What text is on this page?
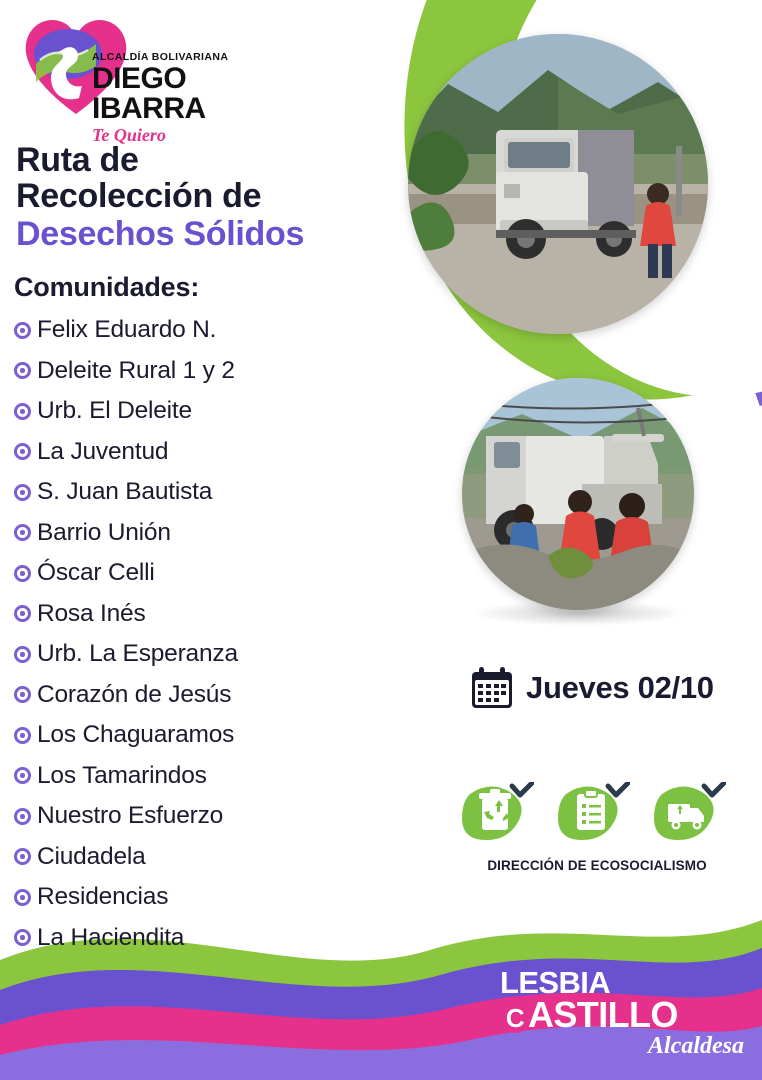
ALCALDÍA BOLIVARIANA
DIEGO IBARRA
Te Quiero
Ruta de
Recolección de
Desechos Sólidos
Comunidades:
Felix Eduardo N.
Deleite Rural 1 y 2
Urb. El Deleite
La Juventud
S. Juan Bautista
Barrio Unión
Óscar Celli
Rosa Inés
Urb. La Esperanza
Corazón de Jesús
Los Chaguaramos
Los Tamarindos
Nuestro Esfuerzo
Ciudadela
Residencias
La Haciendita
Jueves 02/10
DIRECCIÓN DE ECOSOCIALISMO
LESBIA
C ASTILLO
Alcaldesa
